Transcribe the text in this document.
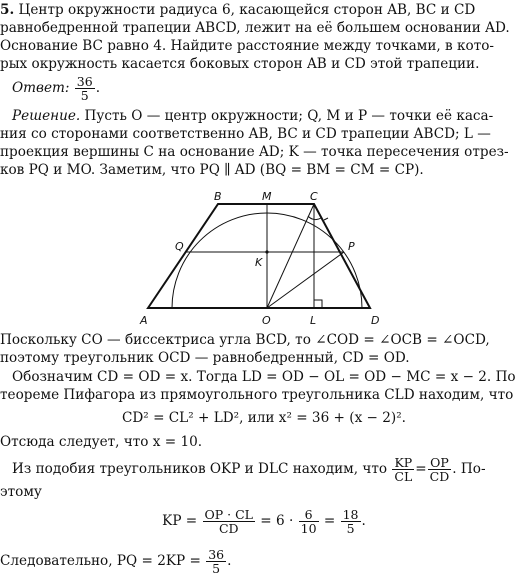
5. Центр окружности радиуса 6, касающейся сторон AB, BC и CD
равнобедренной трапеции ABCD, лежит на её большем основании AD.
Основание BC равно 4. Найдите расстояние между точками, в кото-
рых окружность касается боковых сторон AB и CD этой трапеции.
Ответ: $\frac{36}{5}$ .
Решение. Пусть O — центр окружности; Q, M и P — точки её каса-
ния со сторонами соответственно AB, BC и CD трапеции ABCD; L —
проекция вершины C на основание AD; K — точка пересечения отрез-
ков PQ и MO. Заметим, что PQ ∥ AD (BQ = BM = CM = CP).
A
B	M	C
Q	P
K
O	L	D
Поскольку CO — биссектриса угла BCD, то ∠COD = ∠OCB = ∠OCD,
поэтому треугольник OCD — равнобедренный, CD = OD.
Обозначим CD = OD = x. Тогда LD = OD − OL = OD − MC = x − 2. По
теореме Пифагора из прямоугольного треугольника CLD находим, что
CD² = CL² + LD², или x² = 36 + (x − 2)².
Отсюда следует, что x = 10.
Из подобия треугольников OKP и DLC находим, что $\frac{KP}{CL} = \frac{OP}{CD}$ . По-
этому
KP = $\frac{OP \cdot CL}{CD} = 6 \cdot \frac{6}{10} = \frac{18}{5}$ .
Следовательно, PQ = $2KP = \frac{36}{5}$ .
